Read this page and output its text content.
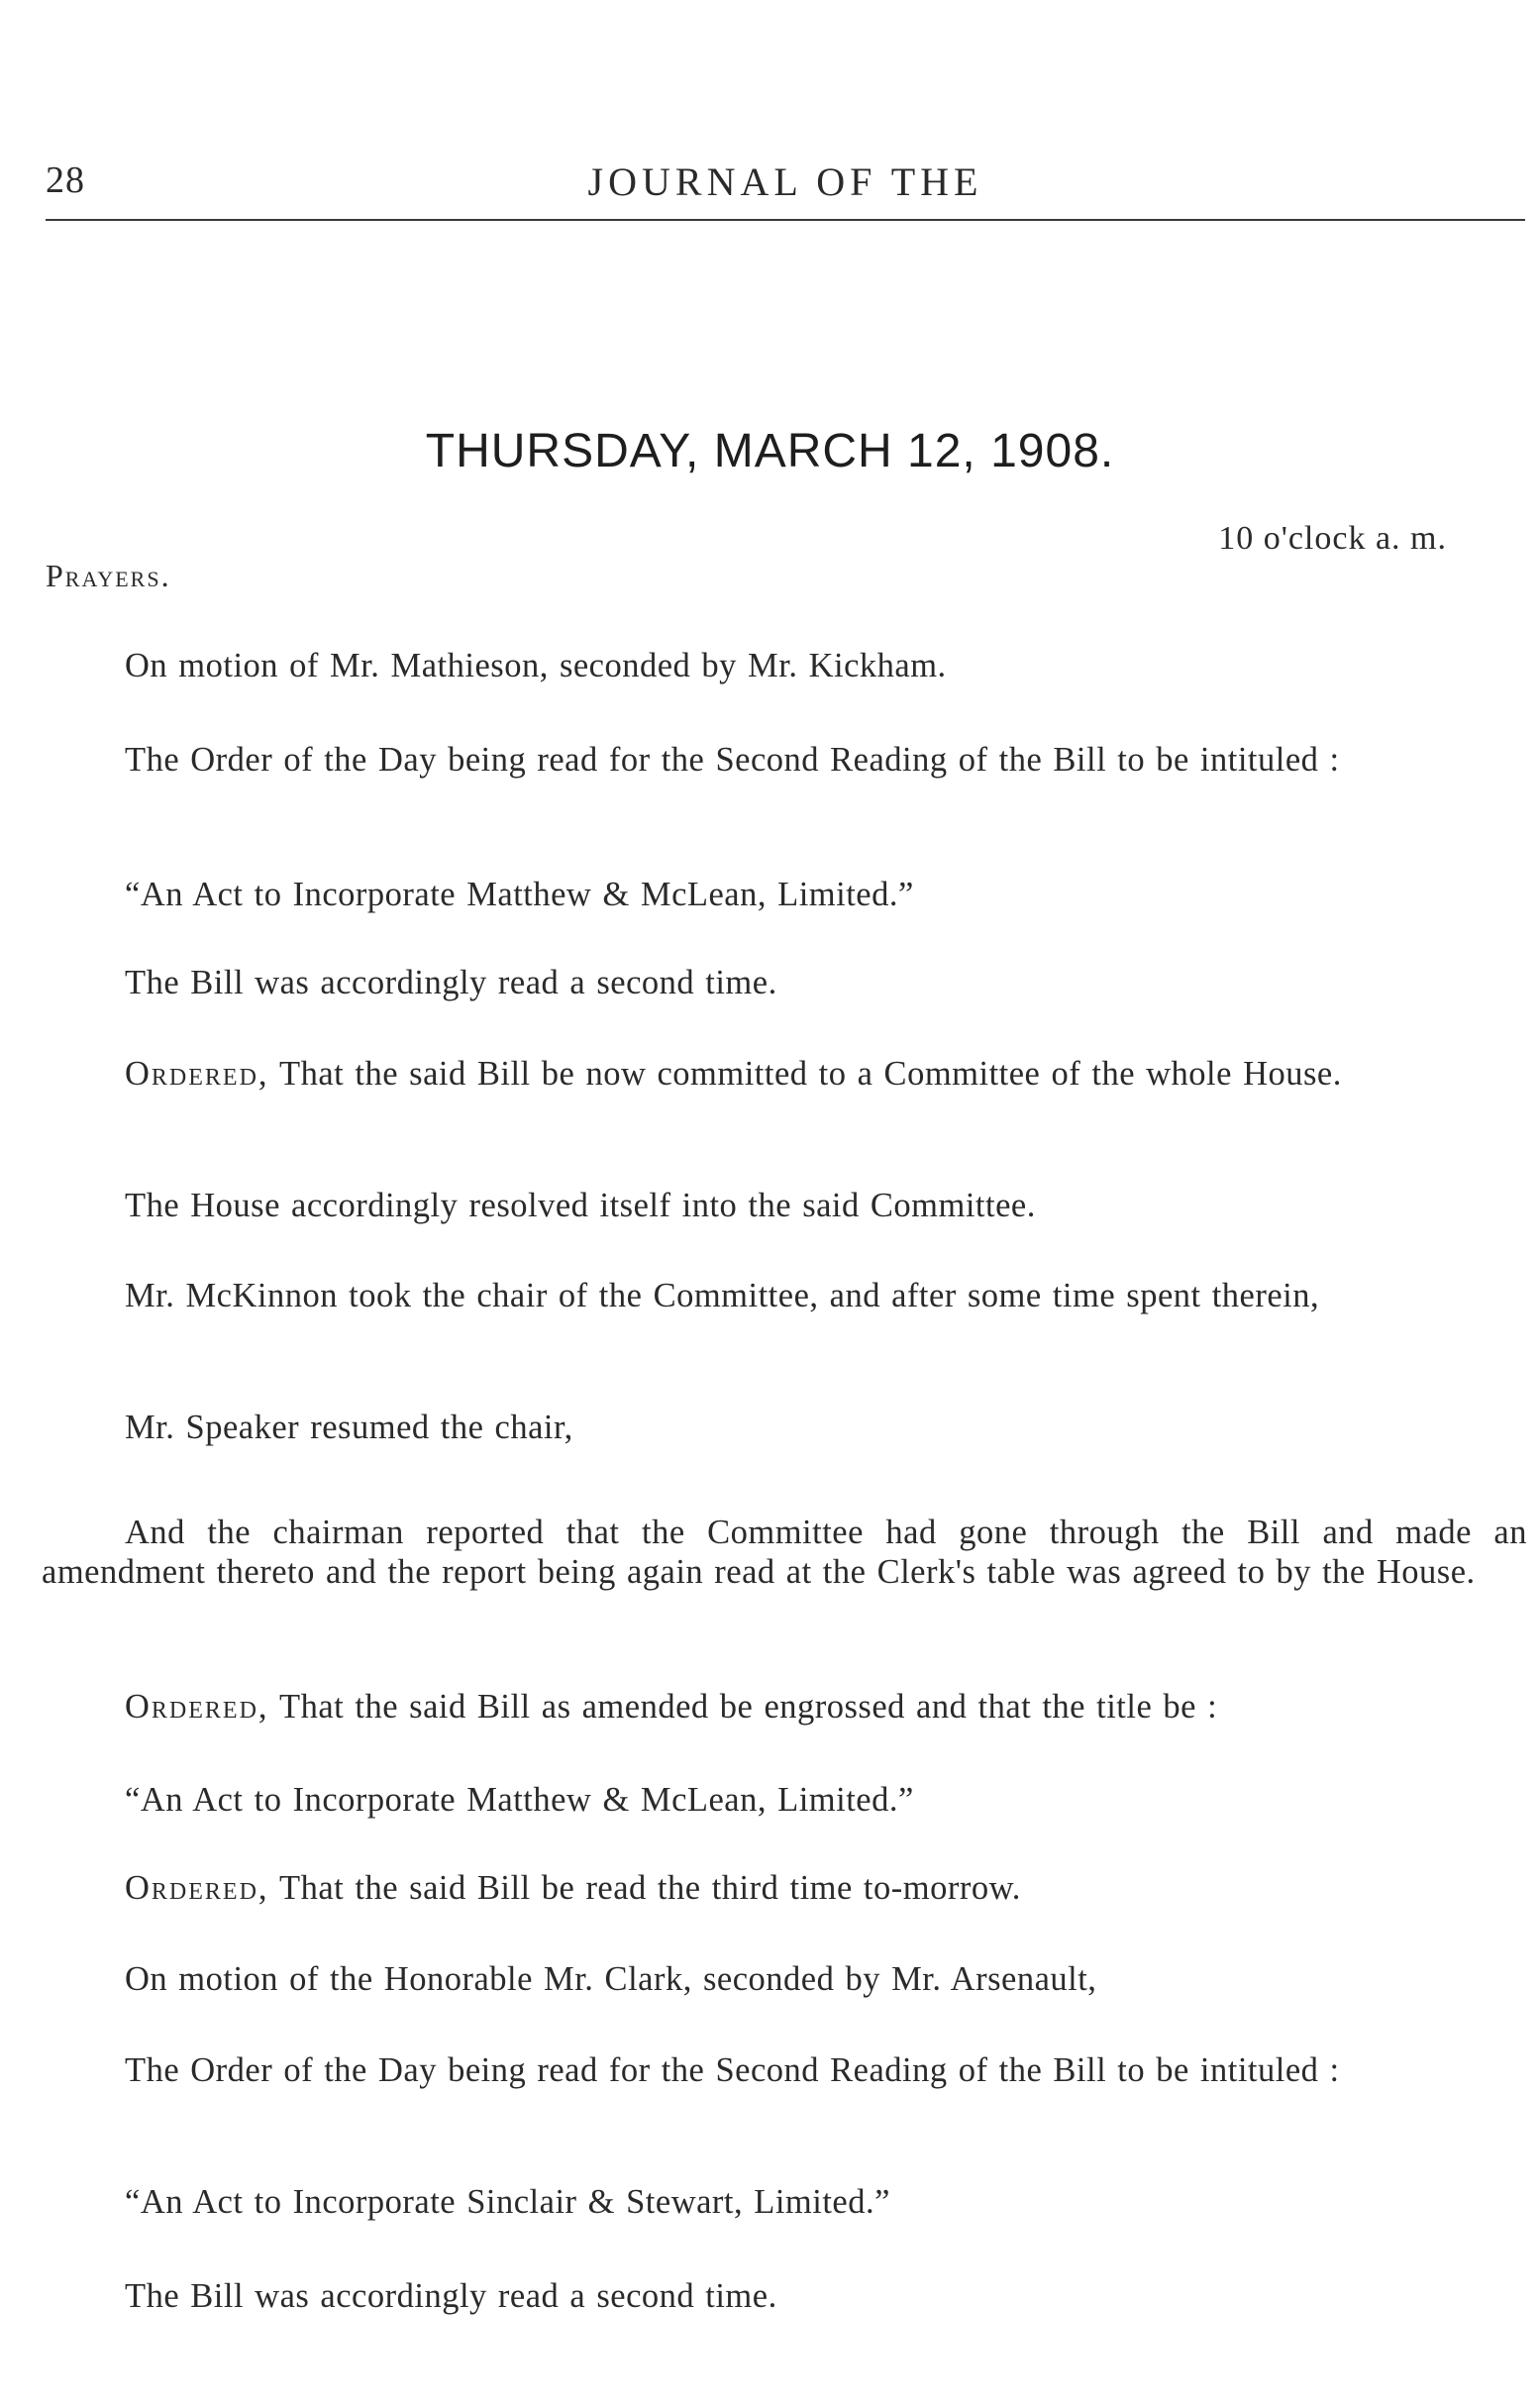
28	JOURNAL OF THE
THURSDAY, MARCH 12, 1908.
10 o'clock a. m.
Prayers.

On motion of Mr. Mathieson, seconded by Mr. Kickham.

The Order of the Day being read for the Second Reading of the Bill to be intituled :

“An Act to Incorporate Matthew & McLean, Limited.”

The Bill was accordingly read a second time.

Ordered, That the said Bill be now committed to a Committee of the whole House.

The House accordingly resolved itself into the said Committee.

Mr. McKinnon took the chair of the Committee, and after some time spent therein,

Mr. Speaker resumed the chair,

And the chairman reported that the Committee had gone through the Bill and made an amendment thereto and the report being again read at the Clerk's table was agreed to by the House.

Ordered, That the said Bill as amended be engrossed and that the title be :

“An Act to Incorporate Matthew & McLean, Limited.”

Ordered, That the said Bill be read the third time to-morrow.

On motion of the Honorable Mr. Clark, seconded by Mr. Arsenault,

The Order of the Day being read for the Second Reading of the Bill to be intituled :

“An Act to Incorporate Sinclair & Stewart, Limited.”

The Bill was accordingly read a second time.
